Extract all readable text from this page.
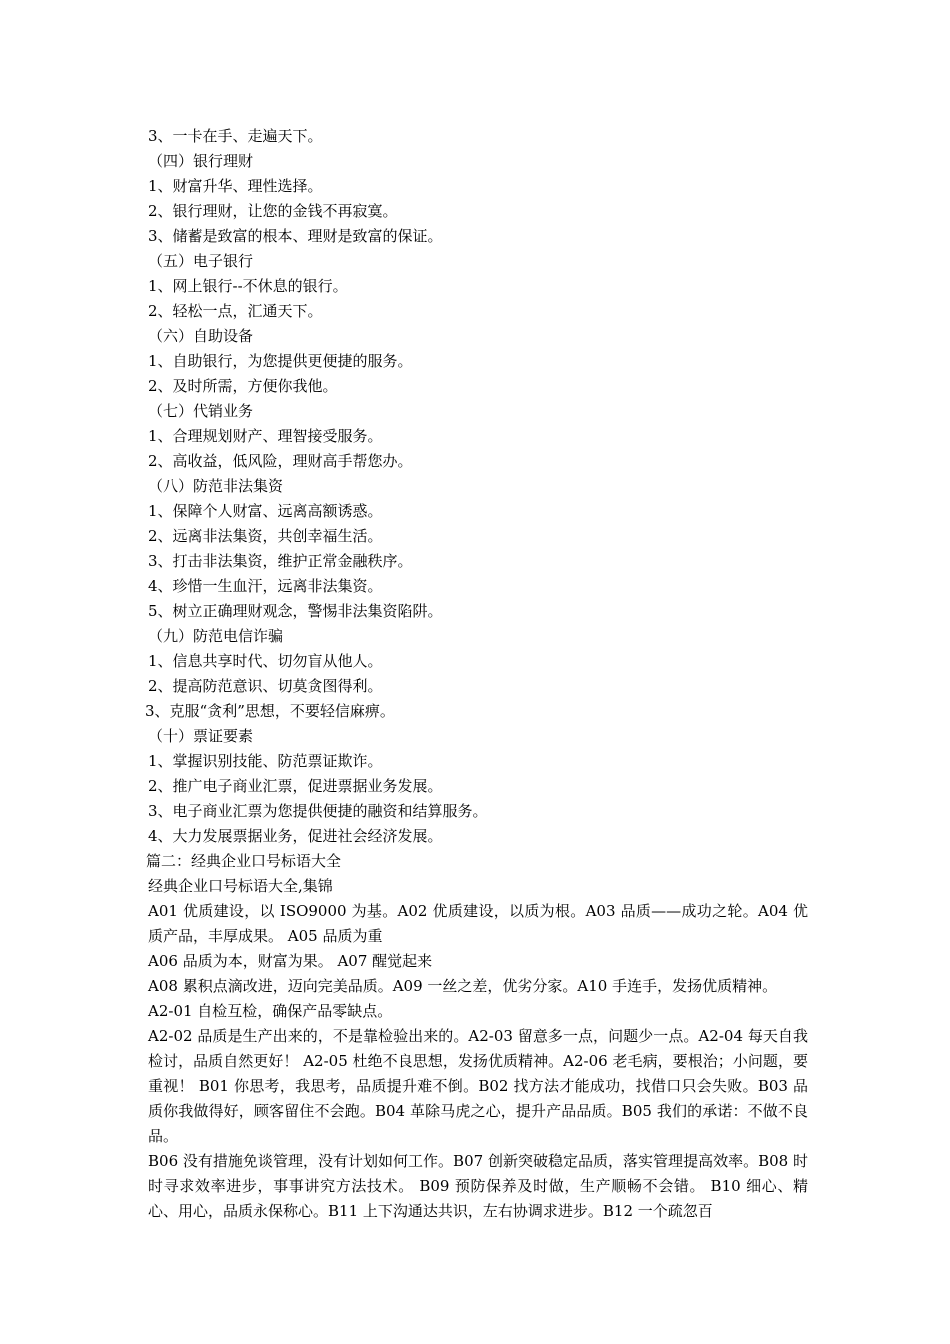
3、一卡在手、走遍天下。
（四）银行理财
1、财富升华、理性选择。
2、银行理财，让您的金钱不再寂寞。
3、储蓄是致富的根本、理财是致富的保证。
（五）电子银行
1、网上银行--不休息的银行。
2、轻松一点，汇通天下。
（六）自助设备
1、自助银行，为您提供更便捷的服务。
2、及时所需，方便你我他。
（七）代销业务
1、合理规划财产、理智接受服务。
2、高收益，低风险，理财高手帮您办。
（八）防范非法集资
1、保障个人财富、远离高额诱惑。
2、远离非法集资，共创幸福生活。
3、打击非法集资，维护正常金融秩序。
4、珍惜一生血汗，远离非法集资。
5、树立正确理财观念，警惕非法集资陷阱。
（九）防范电信诈骗
1、信息共享时代、切勿盲从他人。
2、提高防范意识、切莫贪图得利。
3、克服“贪利”思想，不要轻信麻痹。
（十）票证要素
1、掌握识别技能、防范票证欺诈。
2、推广电子商业汇票，促进票据业务发展。
3、电子商业汇票为您提供便捷的融资和结算服务。
4、大力发展票据业务，促进社会经济发展。
篇二：经典企业口号标语大全
经典企业口号标语大全,集锦
A01 优质建设，以 ISO9000 为基。A02 优质建设，以质为根。A03 品质——成功之轮。A04 优质产品，丰厚成果。 A05 品质为重
A06 品质为本，财富为果。 A07 醒觉起来
A08 累积点滴改进，迈向完美品质。A09 一丝之差，优劣分家。A10 手连手，发扬优质精神。
A2-01 自检互检，确保产品零缺点。
A2-02 品质是生产出来的，不是靠检验出来的。A2-03 留意多一点，问题少一点。A2-04 每天自我检讨，品质自然更好！ A2-05 杜绝不良思想，发扬优质精神。A2-06 老毛病，要根治；小问题，要重视！ B01 你思考，我思考，品质提升难不倒。B02 找方法才能成功，找借口只会失败。B03 品质你我做得好，顾客留住不会跑。B04 革除马虎之心，提升产品品质。B05 我们的承诺：不做不良品。
B06 没有措施免谈管理，没有计划如何工作。B07 创新突破稳定品质，落实管理提高效率。B08 时时寻求效率进步，事事讲究方法技术。 B09 预防保养及时做，生产顺畅不会错。 B10 细心、精心、用心，品质永保称心。B11 上下沟通达共识，左右协调求进步。B12 一个疏忽百
